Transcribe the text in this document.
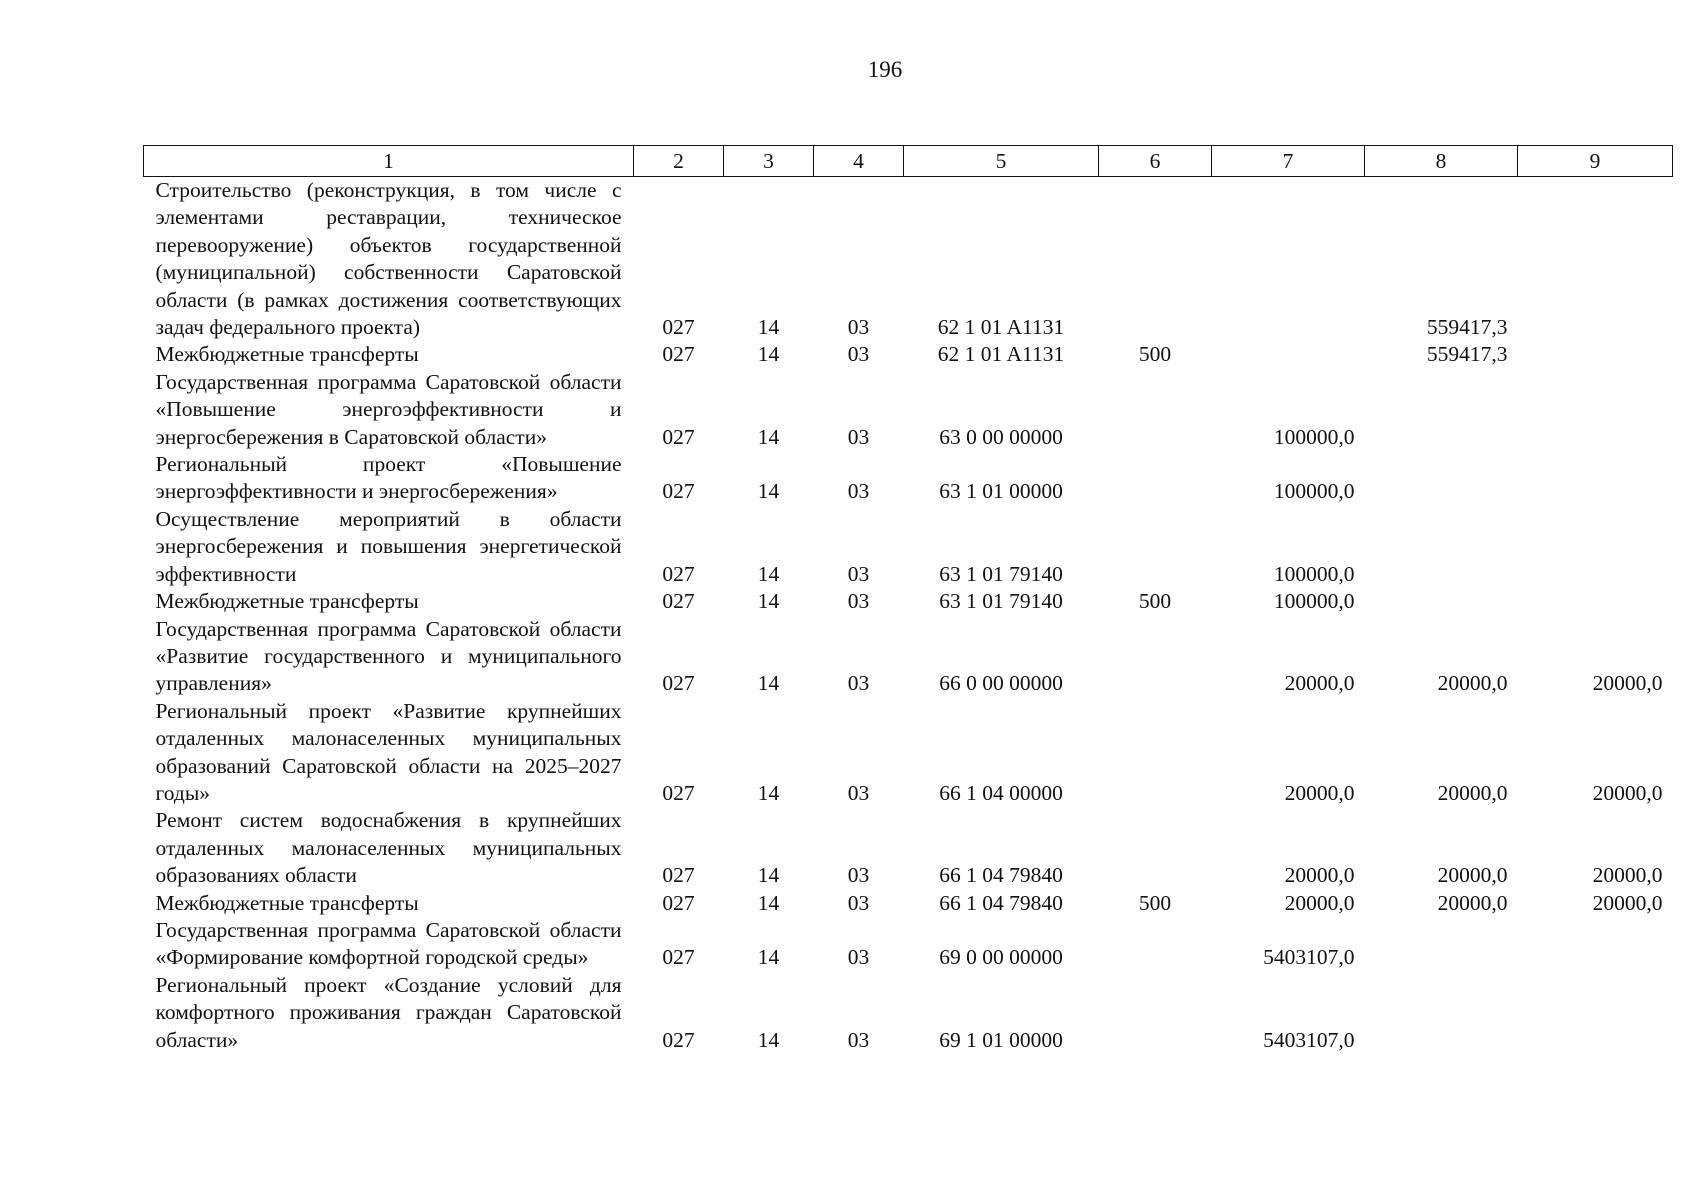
196
1	2	3	4	5	6	7	8	9
Строительство (реконструкция, в том числе с элементами реставрации, техническое перевооружение) объектов государственной (муниципальной) собственности Саратовской области (в рамках достижения соответствующих задач федерального проекта)	027	14	03	62 1 01 A1131			559417,3	
Межбюджетные трансферты	027	14	03	62 1 01 A1131	500		559417,3	
Государственная программа Саратовской области «Повышение энергоэффективности и энергосбережения в Саратовской области»	027	14	03	63 0 00 00000		100000,0		
Региональный проект «Повышение энергоэффективности и энергосбережения»	027	14	03	63 1 01 00000		100000,0		
Осуществление мероприятий в области энергосбережения и повышения энергетической эффективности	027	14	03	63 1 01 79140		100000,0		
Межбюджетные трансферты	027	14	03	63 1 01 79140	500	100000,0		
Государственная программа Саратовской области «Развитие государственного и муниципального управления»	027	14	03	66 0 00 00000		20000,0	20000,0	20000,0
Региональный проект «Развитие крупнейших отдаленных малонаселенных муниципальных образований Саратовской области на 2025–2027 годы»	027	14	03	66 1 04 00000		20000,0	20000,0	20000,0
Ремонт систем водоснабжения в крупнейших отдаленных малонаселенных муниципальных образованиях области	027	14	03	66 1 04 79840		20000,0	20000,0	20000,0
Межбюджетные трансферты	027	14	03	66 1 04 79840	500	20000,0	20000,0	20000,0
Государственная программа Саратовской области «Формирование комфортной городской среды»	027	14	03	69 0 00 00000		5403107,0		
Региональный проект «Создание условий для комфортного проживания граждан Саратовской области»	027	14	03	69 1 01 00000		5403107,0		
